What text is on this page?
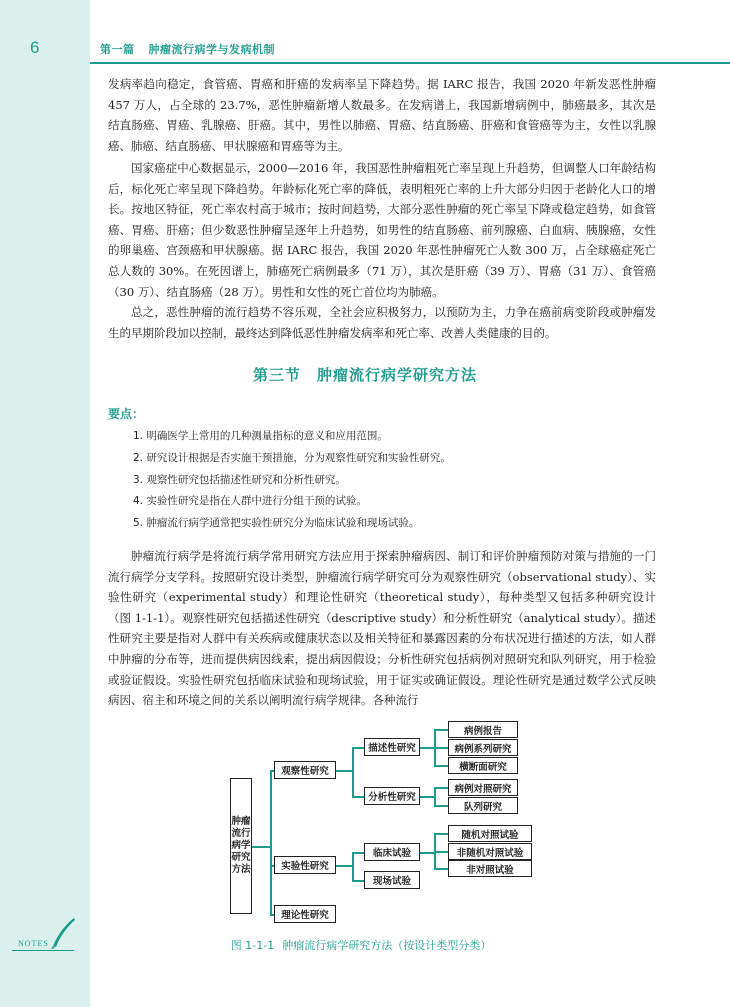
6	第一篇 肿瘤流行病学与发病机制

发病率趋向稳定，食管癌、胃癌和肝癌的发病率呈下降趋势。据 IARC 报告，我国 2020 年新发恶性肿瘤 457 万人，占全球的 23.7%，恶性肿瘤新增人数最多。在发病谱上，我国新增病例中，肺癌最多，其次是结直肠癌、胃癌、乳腺癌、肝癌。其中，男性以肺癌、胃癌、结直肠癌、肝癌和食管癌等为主，女性以乳腺癌、肺癌、结直肠癌、甲状腺癌和胃癌等为主。

国家癌症中心数据显示，2000—2016 年，我国恶性肿瘤粗死亡率呈现上升趋势，但调整人口年龄结构后，标化死亡率呈现下降趋势。年龄标化死亡率的降低，表明粗死亡率的上升大部分归因于老龄化人口的增长。按地区特征，死亡率农村高于城市；按时间趋势，大部分恶性肿瘤的死亡率呈下降或稳定趋势，如食管癌、胃癌、肝癌；但少数恶性肿瘤呈逐年上升趋势，如男性的结直肠癌、前列腺癌、白血病、胰腺癌，女性的卵巢癌、宫颈癌和甲状腺癌。据 IARC 报告，我国 2020 年恶性肿瘤死亡人数 300 万，占全球癌症死亡总人数的 30%。在死因谱上，肺癌死亡病例最多（71 万），其次是肝癌（39 万）、胃癌（31 万）、食管癌（30 万）、结直肠癌（28 万）。男性和女性的死亡首位均为肺癌。

总之，恶性肿瘤的流行趋势不容乐观，全社会应积极努力，以预防为主，力争在癌前病变阶段或肿瘤发生的早期阶段加以控制，最终达到降低恶性肿瘤发病率和死亡率、改善人类健康的目的。

第三节　肿瘤流行病学研究方法
要点：
1. 明确医学上常用的几种测量指标的意义和应用范围。
2. 研究设计根据是否实施干预措施，分为观察性研究和实验性研究。
3. 观察性研究包括描述性研究和分析性研究。
4. 实验性研究是指在人群中进行分组干预的试验。
5. 肿瘤流行病学通常把实验性研究分为临床试验和现场试验。

肿瘤流行病学是将流行病学常用研究方法应用于探索肿瘤病因、制订和评价肿瘤预防对策与措施的一门流行病学分支学科。按照研究设计类型，肿瘤流行病学研究可分为观察性研究（observational study）、实验性研究（experimental study）和理论性研究（theoretical study），每种类型又包括多种研究设计（图 1-1-1）。观察性研究包括描述性研究（descriptive study）和分析性研究（analytical study）。描述性研究主要是指对人群中有关疾病或健康状态以及相关特征和暴露因素的分布状况进行描述的方法，如人群中肿瘤的分布等，进而提供病因线索，提出病因假设；分析性研究包括病例对照研究和队列研究，用于检验或验证假设。实验性研究包括临床试验和现场试验，用于证实或确证假设。理论性研究是通过数学公式反映病因、宿主和环境之间的关系以阐明流行病学规律。各种流行

肿瘤流行病学研究方法
观察性研究
实验性研究
理论性研究
描述性研究
分析性研究
临床试验
现场试验
病例报告
病例系列研究
横断面研究
病例对照研究
队列研究
随机对照试验
非随机对照试验
非对照试验
图 1-1-1 肿瘤流行病学研究方法（按设计类型分类）
NOTES
